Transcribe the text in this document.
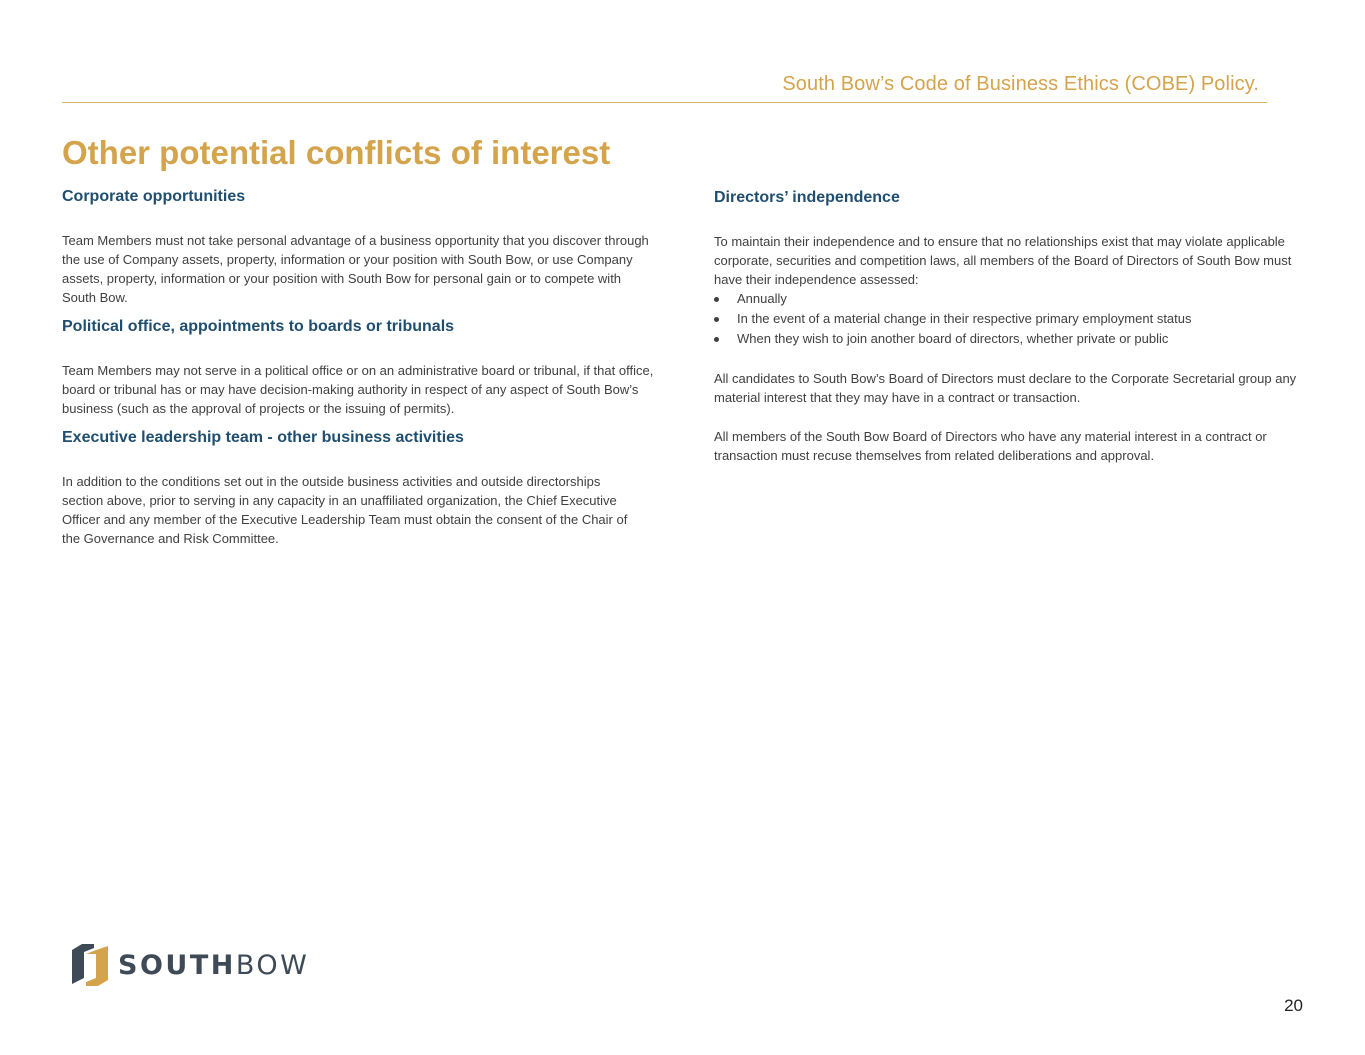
South Bow’s Code of Business Ethics (COBE) Policy.
Other potential conflicts of interest
Corporate opportunities

Team Members must not take personal advantage of a business opportunity that you discover through the use of Company assets, property, information or your position with South Bow, or use Company assets, property, information or your position with South Bow for personal gain or to compete with South Bow.

Political office, appointments to boards or tribunals

Team Members may not serve in a political office or on an administrative board or tribunal, if that office, board or tribunal has or may have decision-making authority in respect of any aspect of South Bow’s business (such as the approval of projects or the issuing of permits).

Executive leadership team - other business activities

In addition to the conditions set out in the outside business activities and outside directorships section above, prior to serving in any capacity in an unaffiliated organization, the Chief Executive Officer and any member of the Executive Leadership Team must obtain the consent of the Chair of the Governance and Risk Committee.

Directors’ independence

To maintain their independence and to ensure that no relationships exist that may violate applicable corporate, securities and competition laws, all members of the Board of Directors of South Bow must have their independence assessed:

Annually
In the event of a material change in their respective primary employment status
When they wish to join another board of directors, whether private or public

All candidates to South Bow’s Board of Directors must declare to the Corporate Secretarial group any material interest that they may have in a contract or transaction.

All members of the South Bow Board of Directors who have any material interest in a contract or transaction must recuse themselves from related deliberations and approval.

SOUTHBOW
20
